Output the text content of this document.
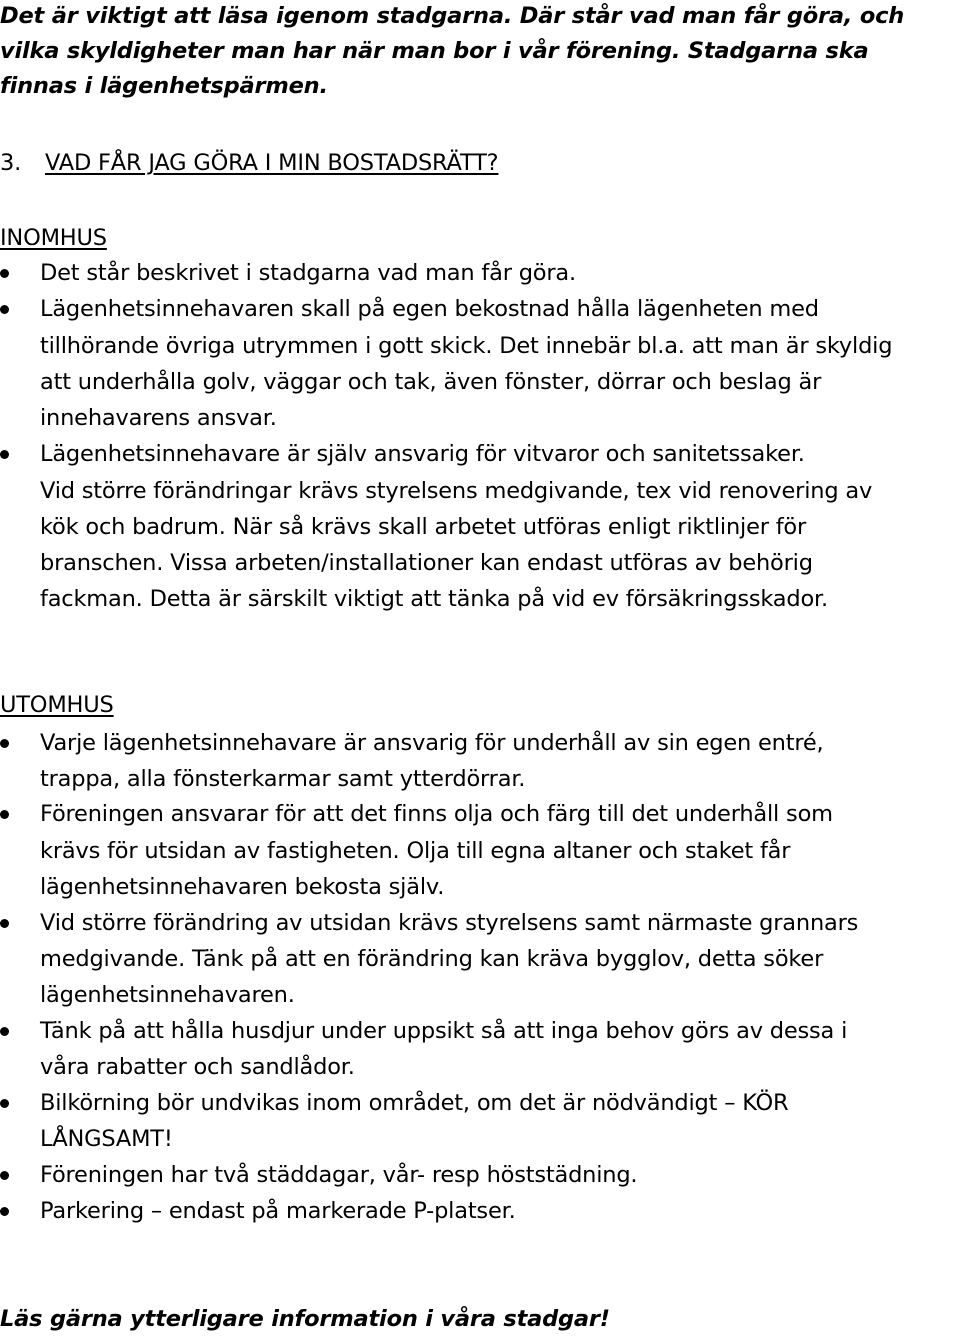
Det är viktigt att läsa igenom stadgarna. Där står vad man får göra, och
vilka skyldigheter man har när man bor i vår förening. Stadgarna ska
finnas i lägenhetspärmen.
3. VAD FÅR JAG GÖRA I MIN BOSTADSRÄTT?
INOMHUS
Det står beskrivet i stadgarna vad man får göra.
Lägenhetsinnehavaren skall på egen bekostnad hålla lägenheten med
tillhörande övriga utrymmen i gott skick. Det innebär bl.a. att man är skyldig
att underhålla golv, väggar och tak, även fönster, dörrar och beslag är
innehavarens ansvar.
Lägenhetsinnehavare är själv ansvarig för vitvaror och sanitetssaker.
Vid större förändringar krävs styrelsens medgivande, tex vid renovering av
kök och badrum. När så krävs skall arbetet utföras enligt riktlinjer för
branschen. Vissa arbeten/installationer kan endast utföras av behörig
fackman. Detta är särskilt viktigt att tänka på vid ev försäkringsskador.
UTOMHUS
Varje lägenhetsinnehavare är ansvarig för underhåll av sin egen entré,
trappa, alla fönsterkarmar samt ytterdörrar.
Föreningen ansvarar för att det finns olja och färg till det underhåll som
krävs för utsidan av fastigheten. Olja till egna altaner och staket får
lägenhetsinnehavaren bekosta själv.
Vid större förändring av utsidan krävs styrelsens samt närmaste grannars
medgivande. Tänk på att en förändring kan kräva bygglov, detta söker
lägenhetsinnehavaren.
Tänk på att hålla husdjur under uppsikt så att inga behov görs av dessa i
våra rabatter och sandlådor.
Bilkörning bör undvikas inom området, om det är nödvändigt – KÖR
LÅNGSAMT!
Föreningen har två städdagar, vår- resp höststädning.
Parkering – endast på markerade P-platser.
Läs gärna ytterligare information i våra stadgar!
